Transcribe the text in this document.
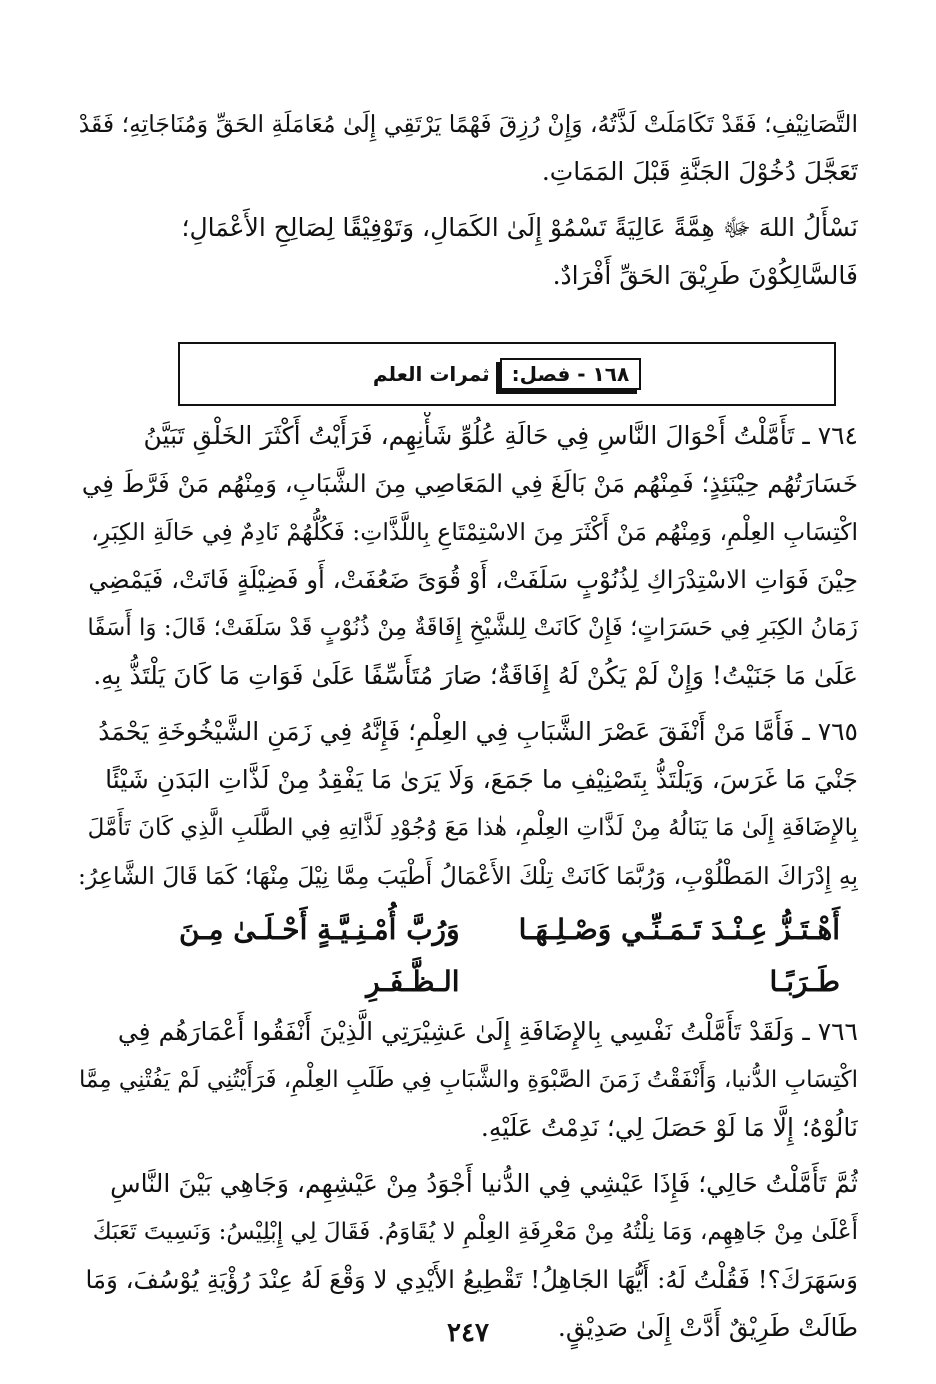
التَّصَانِيْفِ؛ فَقَدْ تَكَامَلَتْ لَذَّتُهُ، وَإِنْ رُزِقَ فَهْمًا يَرْتَقِي إِلَىٰ مُعَامَلَةِ الحَقِّ وَمُنَاجَاتِهِ؛ فَقَدْ
تَعَجَّلَ دُخُوْلَ الجَنَّةِ قَبْلَ المَمَاتِ.

نَسْأَلُ اللهَ ﷻ هِمَّةً عَالِيَةً تَسْمُوْ إِلَىٰ الكَمَالِ، وَتَوْفِيْقًا لِصَالِحِ الأَعْمَالِ؛
فَالسَّالِكُوْنَ طَرِيْقَ الحَقِّ أَفْرَادٌ.

١٦٨ - فصل:
ثمرات العلم

٧٦٤ ـ تَأَمَّلْتُ أَحْوَالَ النَّاسِ فِي حَالَةِ عُلُوِّ شَأْنِهِم، فَرَأَيْتُ أَكْثَرَ الخَلْقِ تَبَيَّنُ
خَسَارَتُهُم حِيْنَئِذٍ؛ فَمِنْهُم مَنْ بَالَغَ فِي المَعَاصِي مِنَ الشَّبَابِ، وَمِنْهُم مَنْ فَرَّطَ فِي
اكْتِسَابِ العِلْمِ، وَمِنْهُم مَنْ أَكْثَرَ مِنَ الاسْتِمْتَاعِ بِاللَّذَّاتِ: فَكُلُّهُمْ نَادِمٌ فِي حَالَةِ الكِبَرِ،
حِيْنَ فَوَاتِ الاسْتِدْرَاكِ لِذُنُوْبٍ سَلَفَتْ، أَوْ قُوَىً ضَعُفَتْ، أَو فَضِيْلَةٍ فَاتَتْ، فَيَمْضِي
زَمَانُ الكِبَرِ فِي حَسَرَاتٍ؛ فَإِنْ كَانَتْ لِلشَّيْخِ إِفَاقَةٌ مِنْ ذُنُوْبٍ قَدْ سَلَفَتْ؛ قَالَ: وَا أَسَفًا
عَلَىٰ مَا جَنَيْتُ! وَإِنْ لَمْ يَكُنْ لَهُ إِفَاقَةٌ؛ صَارَ مُتَأَسِّفًا عَلَىٰ فَوَاتِ مَا كَانَ يَلْتَذُّ بِهِ.

٧٦٥ ـ فَأَمَّا مَنْ أَنْفَقَ عَصْرَ الشَّبَابِ فِي العِلْمِ؛ فَإِنَّهُ فِي زَمَنِ الشَّيْخُوخَةِ يَحْمَدُ
جَنْيَ مَا غَرَسَ، وَيَلْتَذُّ بِتَصْنِيْفِ ما جَمَعَ، وَلَا يَرَىٰ مَا يَفْقِدُ مِنْ لَذَّاتِ البَدَنِ شَيْئًا
بِالإِضَافَةِ إِلَىٰ مَا يَنَالُهُ مِنْ لَذَّاتِ العِلْمِ، هٰذا مَعَ وُجُوْدِ لَذَّاتِهِ فِي الطَّلَبِ الَّذِي كَانَ تَأَمَّلَ
بِهِ إِدْرَاكَ المَطْلُوْبِ، وَرُبَّمَا كَانَتْ تِلْكَ الأَعْمَالُ أَطْيَبَ مِمَّا نِيْلَ مِنْهَا؛ كَمَا قَالَ الشَّاعِرُ:

أَهْـتَـزُّ عِـنْـدَ تَـمَـنِّـي وَصْـلِـهَـا طَـرَبًـا
وَرُبَّ أُمْـنِـيَّـةٍ أَحْـلَـىٰ مِـنَ الـظَّـفَـرِ

٧٦٦ ـ وَلَقَدْ تَأَمَّلْتُ نَفْسِي بِالإِضَافَةِ إِلَىٰ عَشِيْرَتِي الَّذِيْنَ أَنْفَقُوا أَعْمَارَهُم فِي
اكْتِسَابِ الدُّنيا، وَأَنْفَقْتُ زَمَنَ الصَّبْوَةِ والشَّبَابِ فِي طَلَبِ العِلْمِ، فَرَأَيْتُنِي لَمْ يَفُتْنِي مِمَّا
نَالُوْهُ؛ إِلَّا مَا لَوْ حَصَلَ لِي؛ نَدِمْتُ عَلَيْهِ.

ثُمَّ تَأَمَّلْتُ حَالِي؛ فَإِذَا عَيْشِي فِي الدُّنيا أَجْوَدُ مِنْ عَيْشِهِم، وَجَاهِي بَيْنَ النَّاسِ
أَعْلَىٰ مِنْ جَاهِهِم، وَمَا نِلْتُهُ مِنْ مَعْرِفَةِ العِلْمِ لا يُقَاوَمُ. فَقَالَ لِي إِبْلِيْسُ: وَنَسِيتَ تَعَبَكَ
وَسَهَرَكَ؟! فَقُلْتُ لَهُ: أَيُّهَا الجَاهِلُ! تَقْطِيعُ الأَيْدِي لا وَقْعَ لَهُ عِنْدَ رُؤْيَةِ يُوْسُفَ، وَمَا
طَالَتْ طَرِيْقٌ أَدَّتْ إِلَىٰ صَدِيْقٍ.

٢٤٧
